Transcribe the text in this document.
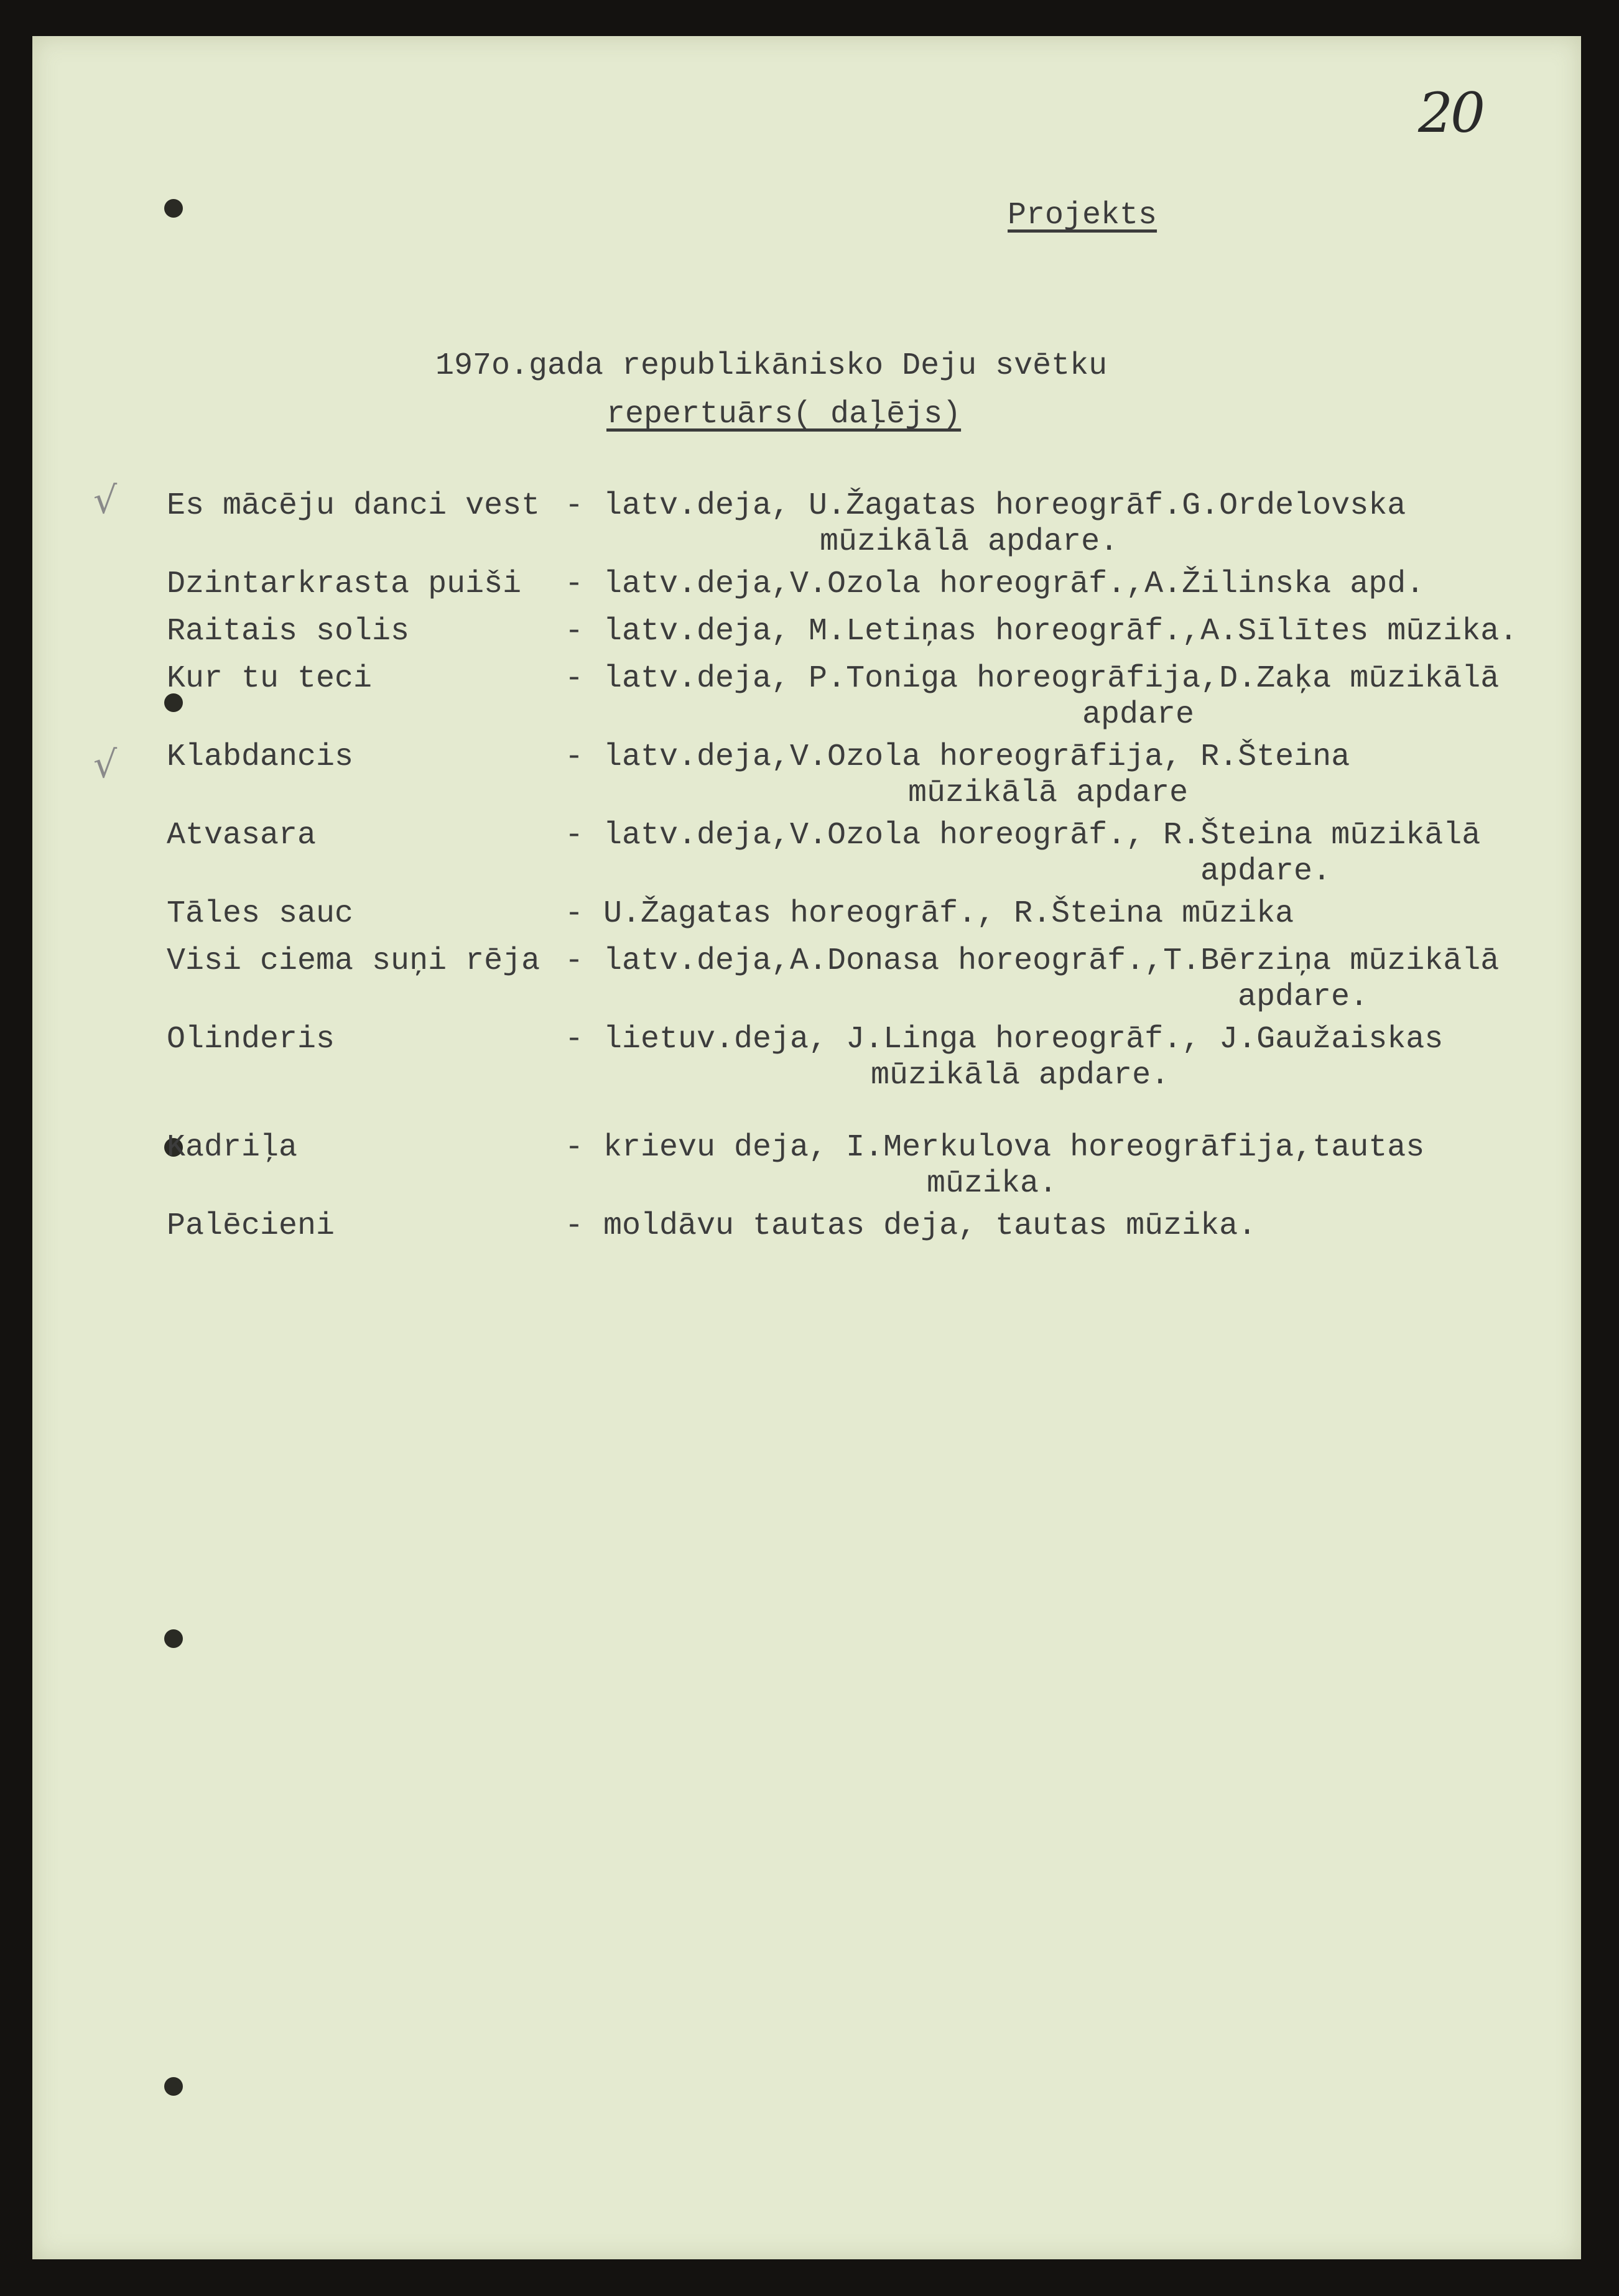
20
Projekts
197o.gada republikānisko Deju svētku
repertuārs( daļējs)
√
√
Es mācēju danci vest - latv.deja, U.Žagatas horeogrāf.G.Ordelovska
mūzikālā apdare.
Dzintarkrasta puiši	- latv.deja,V.Ozola horeogrāf.,A.Žilinska apd.
Raitais solis	- latv.deja, M.Letiņas horeogrāf.,A.Sīlītes mūzika.
Kur tu teci	- latv.deja, P.Toniga horeogrāfija,D.Zaķa mūzikālā
apdare
Klabdancis	- latv.deja,V.Ozola horeogrāfija, R.Šteina
mūzikālā apdare
Atvasara	- latv.deja,V.Ozola horeogrāf., R.Šteina mūzikālā
apdare.
Tāles sauc	- U.Žagatas horeogrāf., R.Šteina mūzika
Visi ciema suņi rēja - latv.deja,A.Donasa horeogrāf.,T.Bērziņa mūzikālā
apdare.
Olinderis	- lietuv.deja, J.Linga horeogrāf., J.Gaužaiskas
mūzikālā apdare.
Kadriļa	- krievu deja, I.Merkulova horeogrāfija,tautas
mūzika.
Palēcieni	- moldāvu tautas deja, tautas mūzika.
